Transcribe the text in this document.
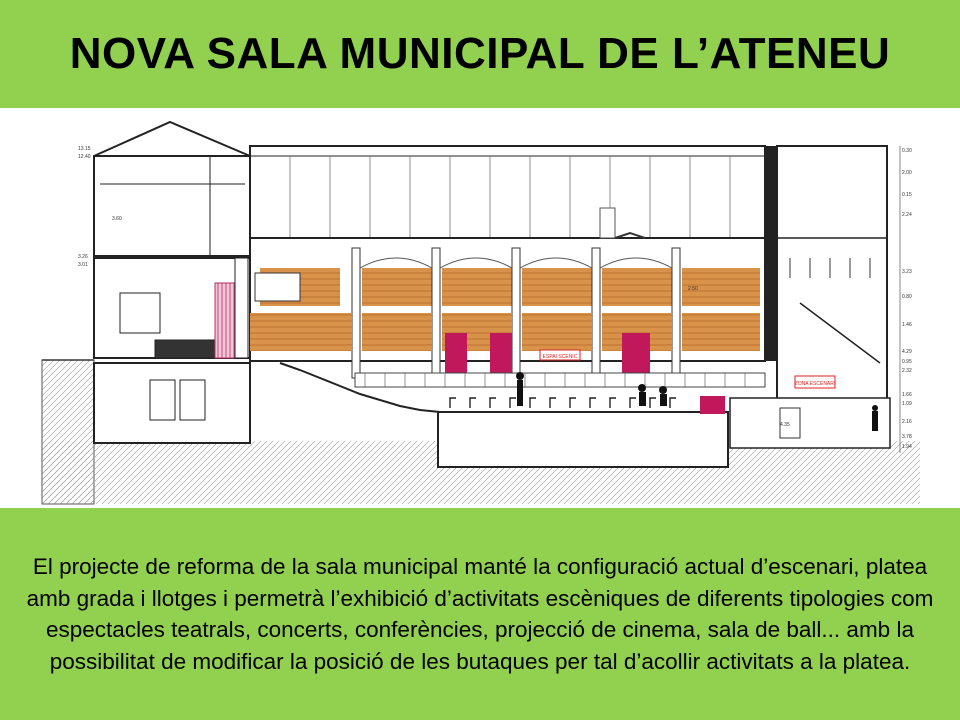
NOVA SALA MUNICIPAL DE L’ATENEU
ESPAI SCENIC
ZONA ESCENARI
13.15
12.40
3.26
3.01
3.60
2.50
4.35
0.30
2.00
0.15
2.24
3.23
0.80
1.46
4.29
0.95
2.32
1.66
1.09
2.16
3.78
1.94

El projecte de reforma de la sala municipal manté la configuració actual d’escenari, platea amb grada i llotges i permetrà l’exhibició d’activitats escèniques de diferents tipologies com espectacles teatrals, concerts, conferències, projecció de cinema, sala de ball... amb la possibilitat de modificar la posició de les butaques per tal d’acollir activitats a la platea.
